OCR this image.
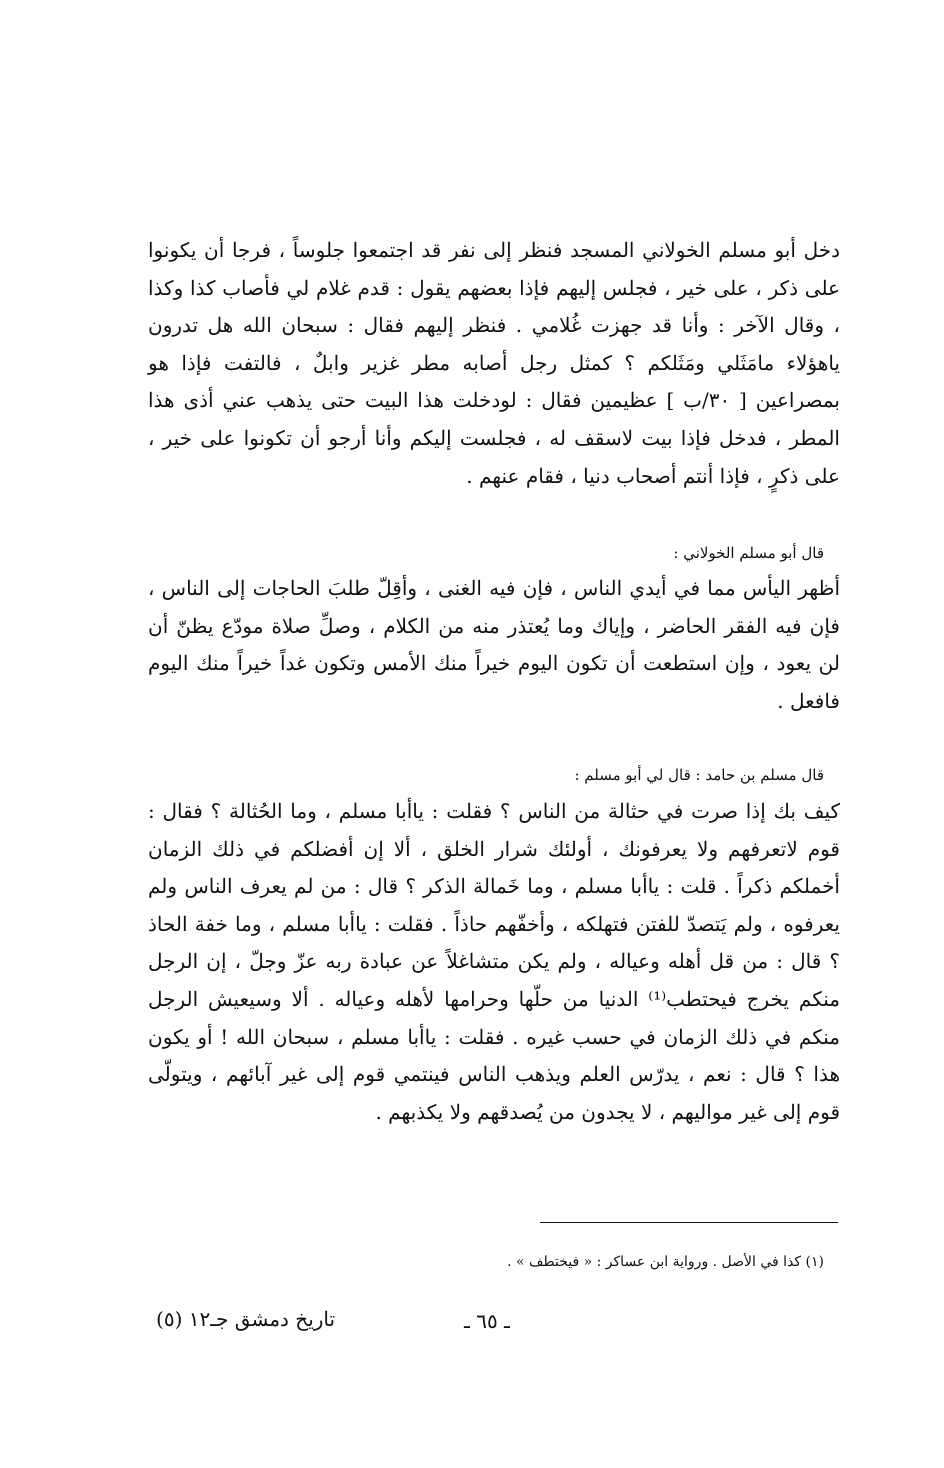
دخل أبو مسلم الخولاني المسجد فنظر إلى نفر قد اجتمعوا جلوساً ، فرجا أن يكونوا على ذكر ، على خير ، فجلس إليهم فإذا بعضهم يقول : قدم غلام لي فأصاب كذا وكذا ، وقال الآخر : وأنا قد جهزت غُلامي . فنظر إليهم فقال : سبحان الله هل تدرون ياهؤلاء مامَثَلي ومَثَلكم ؟ كمثل رجل أصابه مطر غزير وابلٌ ، فالتفت فإذا هو بمصراعين [ ٣٠/ب ] عظيمين فقال : لودخلت هذا البيت حتى يذهب عني أذى هذا المطر ، فدخل فإذا بيت لاسقف له ، فجلست إليكم وأنا أرجو أن تكونوا على خير ، على ذكرٍ ، فإذا أنتم أصحاب دنيا ، فقام عنهم .

قال أبو مسلم الخولاني :

أظهر اليأس مما في أيدي الناس ، فإن فيه الغنى ، وأقِلّ طلبَ الحاجات إلى الناس ، فإن فيه الفقر الحاضر ، وإياك وما يُعتذر منه من الكلام ، وصلِّ صلاة مودّع يظنّ أن لن يعود ، وإن استطعت أن تكون اليوم خيراً منك الأمس وتكون غداً خيراً منك اليوم فافعل .

قال مسلم بن حامد : قال لي أبو مسلم :

كيف بك إذا صرت في حثالة من الناس ؟ فقلت : ياأبا مسلم ، وما الحُثالة ؟ فقال : قوم لاتعرفهم ولا يعرفونك ، أولئك شرار الخلق ، ألا إن أفضلكم في ذلك الزمان أخملكم ذكراً . قلت : ياأبا مسلم ، وما خَمالة الذكر ؟ قال : من لم يعرف الناس ولم يعرفوه ، ولم يَتصدّ للفتن فتهلكه ، وأخفّهم حاذاً . فقلت : ياأبا مسلم ، وما خفة الحاذ ؟ قال : من قل أهله وعياله ، ولم يكن متشاغلاً عن عبادة ربه عزّ وجلّ ، إن الرجل منكم يخرج فيحتطب⁽¹⁾ الدنيا من حلّها وحرامها لأهله وعياله . ألا وسيعيش الرجل منكم في ذلك الزمان في حسب غيره . فقلت : ياأبا مسلم ، سبحان الله ! أو يكون هذا ؟ قال : نعم ، يدرّس العلم ويذهب الناس فينتمي قوم إلى غير آبائهم ، ويتولّى قوم إلى غير مواليهم ، لا يجدون من يُصدقهم ولا يكذبهم .

(١) كذا في الأصل . ورواية ابن عساكر : « فيختطف » .
تاريخ دمشق جـ١٢ (٥)	ـ ٦٥ ـ
